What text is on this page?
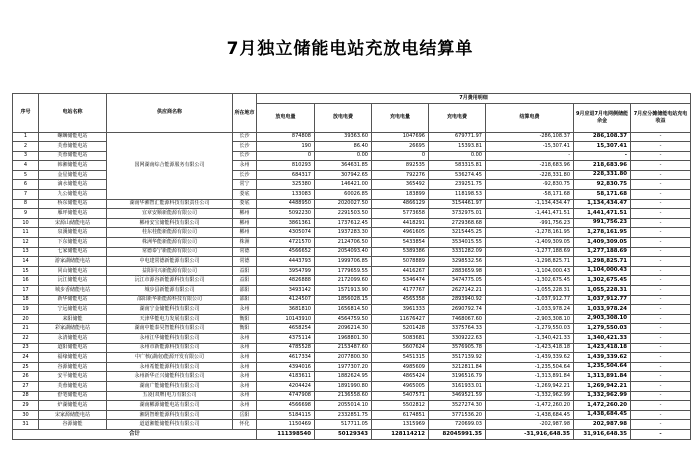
7月独立储能电站充放电结算单
序号	电站名称	供应商名称	所在地市	7月费用明细						
				放电电量	放电电费	充电电量	充电电费	结算电费	9月应退7月电网侧储能余金	7月应分摊储能电站充电收益
1	螺蛳储能电站	国网湖南综合能源服务有限公司	长沙	874808	39363.60	1047696	679771.97	-286,108.37	286,108.37	-
2	芙蓉储能电站		长沙	190	86.40	26695	15393.81	-15,307.41	15,307.41	-
3	芙蓉储能电站		长沙	0	0.00	0	0.00	-	-	-
4	韩湘储能电站		永州	810293	364631.85	892535	583315.81	-218,683.96	218,683.96	-
5	金星储能电站		长沙	684317	307942.65	792276	536274.45	-228,331.80	228,331.80	-
6	滴水储能电站		常宁	325380	146421.00	365492	239251.75	-92,830.75	92,830.75	-
7	九公储能电站		娄底	133083	60026.85	183899	118198.53	-58,171.68	58,171.68	-
8	桥东储能电站	湖南华湘智汇能源科技有限责任公司	娄底	4488950	2020027.50	4866129	3154461.97	-1,134,434.47	1,134,434.47	-
9	雁坪储能电站	宜章安顺新能源有限公司	郴州	5092230	2291503.50	5773658	3732975.01	-1,441,471.51	1,441,471.51	-
10	宋源山储能电站	郴州安宝储能科技有限公司	郴州	3861361	1737612.45	4418291	2729368.68	-991,756.23	991,756.23	-
11	泉溪储能电站	桂东桂能新能源有限公司	郴州	4305074	1937283.30	4961605	3215445.25	-1,278,161.95	1,278,161.95	-
12	下东储能电站	株洲华能新能源有限公司	株洲	4721570	2124706.50	5433854	3534015.55	-1,409,309.05	1,409,309.05	-
13	七家储能电站	常德泰宁新能源有限公司	常德	4566652	2054093.40	5389386	3331282.09	-1,277,188.69	1,277,188.69	-
14	游家湖储能电站	中电建常德新能源有限公司	常德	4443793	1999706.85	5078889	3298532.56	-1,298,825.71	1,298,825.71	-
15	同山储能电站	益阳同兴新能源有限公司	益阳	3954799	1779659.55	4416267	2883659.98	-1,104,000.43	1,104,000.43	-
16	沅江储能电站	沅江市源谷新能源科技有限公司	益阳	4826888	2172099.60	5346474	3474775.05	-1,302,675.45	1,302,675.45	-
17	城步香储能电站	城步县新能源有限公司	邵阳	3493142	1571913.90	4177767	2627142.21	-1,055,228.31	1,055,228.31	-
18	新华储能电站	邵阳新华新能源科技有限公司	邵阳	4124507	1856028.15	4565358	2893940.92	-1,037,912.77	1,037,912.77	-
19	宁远储能电站	湖南宁金储能科技有限公司	永州	3681810	1656814.50	3961333	2690792.74	-1,033,978.24	1,033,978.24	-
20	来阳储能	天津华能电力发展有限公司	衡阳	10143910	4564759.50	11676427	7468067.60	-2,903,308.10	2,903,308.10	-
21	彩家湖储能电站	湖南中能泰昊智能科技有限公司	衡阳	4658254	2096214.30	5201428	3375764.33	-1,279,550.03	1,279,550.03	-
22	永清储能电站	永州江华储能科技有限公司	永州	4375114	1968801.30	5083681	3309222.63	-1,340,421.33	1,340,421.33	-
23	道阳储能电站	永州市新能源科技有限公司	永州	4785528	2153487.60	5607624	3576905.78	-1,423,418.18	1,423,418.18	-
24	福缘储能电站	中广核(湖南)能源开发有限公司	永州	4617334	2077800.30	5451315	3517139.92	-1,439,339.62	1,439,339.62	-
25	谷源储能电站	永州希能能源科技有限公司	永州	4394016	1977307.20	4985609	3212811.84	-1,235,504.64	1,235,504.64	-
26	安平储能电站	永州新华正兴储能科技有限公司	永州	4183611	1882624.95	4865424	3196516.79	-1,313,891.84	1,313,891.84	-
27	芙蓉储能电站	湖南广能储能科技有限公司	永州	4204424	1891990.80	4965005	3161933.01	-1,269,942.21	1,269,942.21	-
28	舒笔储能电站	五凌(双牌)电力有限公司	永州	4747908	2136558.60	5407571	3469521.59	-1,332,962.99	1,332,962.99	-
29	炉湖储能电站	湖南郴源储能电站有限公司	永州	4566698	2055014.10	5502812	3527274.30	-1,472,260.20	1,472,260.20	-
30	宋家源储能电站	湘阴智维能源科技有限公司	岳阳	5184115	2332851.75	6174851	3771536.20	-1,438,684.45	1,438,684.45	-
31	谷源储能	道道湘能储能科技有限公司	怀化	1150469	517711.05	1315969	720699.03	-202,987.98	202,987.98	-
合计				111398540	50129343	128114212	82045991.35	-31,916,648.35	31,916,648.35	-
